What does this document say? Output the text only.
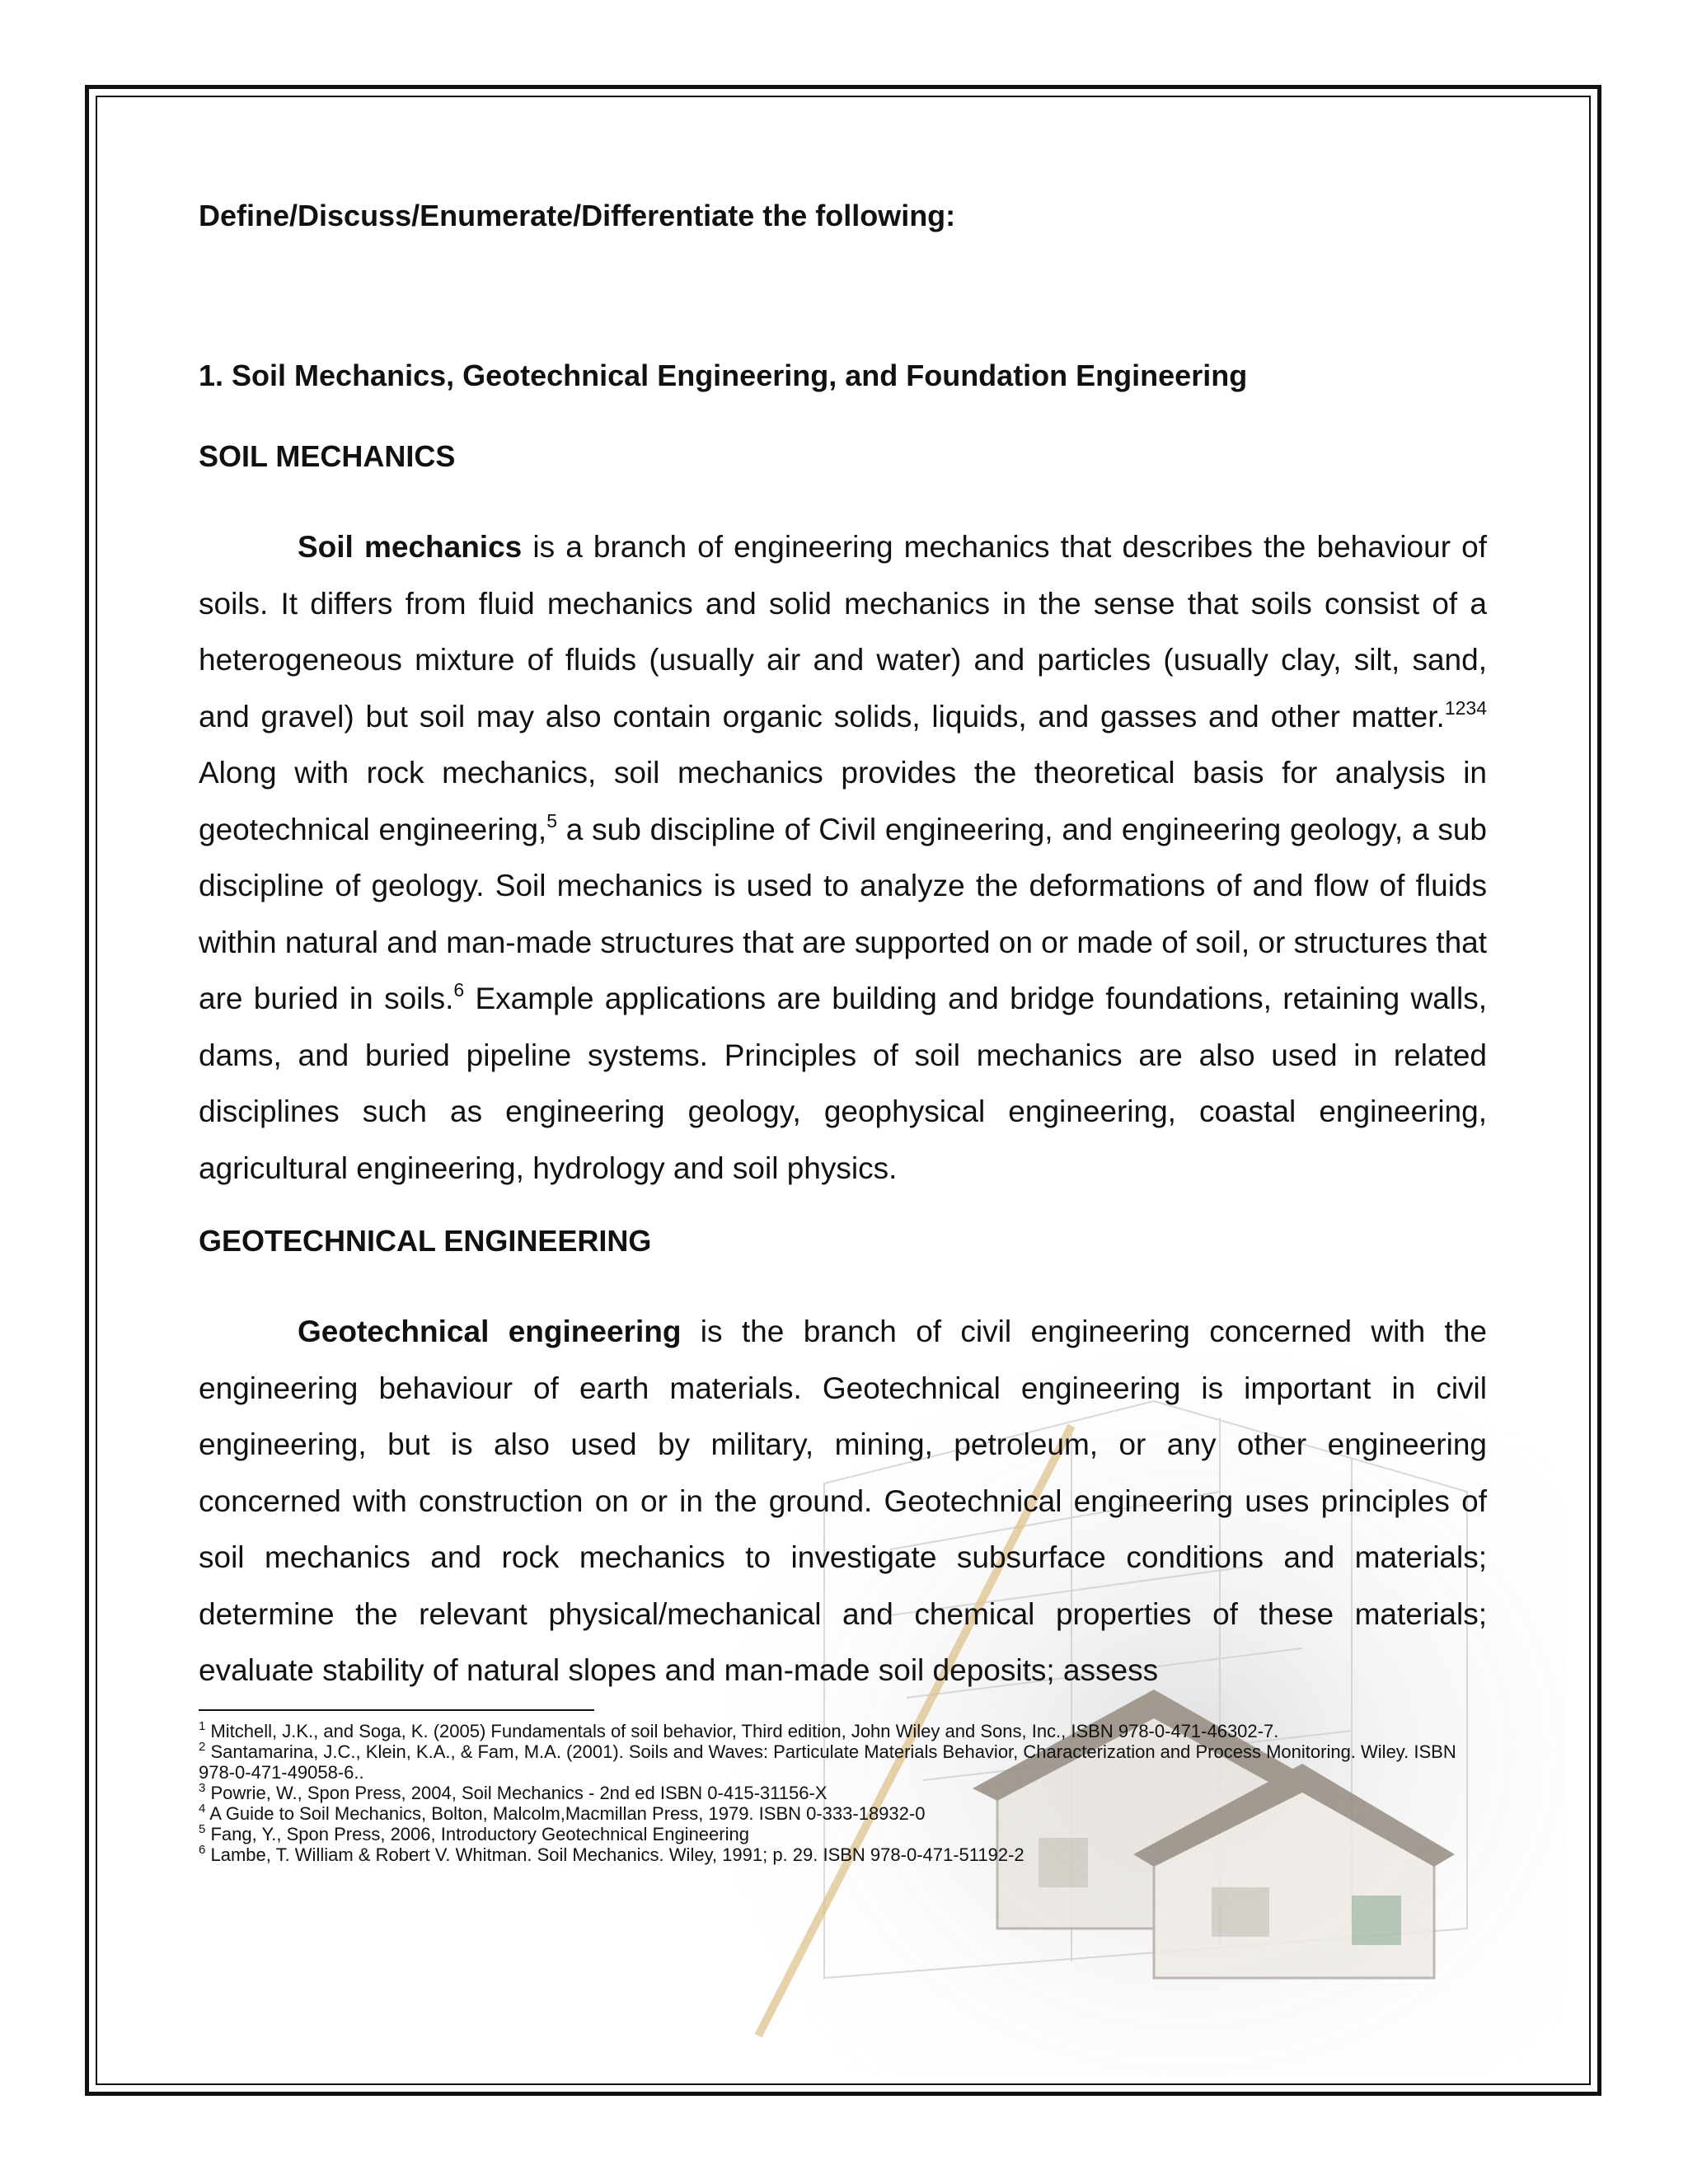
Define/Discuss/Enumerate/Differentiate the following:
1. Soil Mechanics, Geotechnical Engineering, and Foundation Engineering
SOIL MECHANICS

Soil mechanics is a branch of engineering mechanics that describes the behaviour of soils. It differs from fluid mechanics and solid mechanics in the sense that soils consist of a heterogeneous mixture of fluids (usually air and water) and particles (usually clay, silt, sand, and gravel) but soil may also contain organic solids, liquids, and gasses and other matter.$^{1234}$ Along with rock mechanics, soil mechanics provides the theoretical basis for analysis in geotechnical engineering,$^5$ a sub discipline of Civil engineering, and engineering geology, a sub discipline of geology. Soil mechanics is used to analyze the deformations of and flow of fluids within natural and man-made structures that are supported on or made of soil, or structures that are buried in soils.$^6$ Example applications are building and bridge foundations, retaining walls, dams, and buried pipeline systems. Principles of soil mechanics are also used in related disciplines such as engineering geology, geophysical engineering, coastal engineering, agricultural engineering, hydrology and soil physics.

GEOTECHNICAL ENGINEERING

Geotechnical engineering is the branch of civil engineering concerned with the engineering behaviour of earth materials. Geotechnical engineering is important in civil engineering, but is also used by military, mining, petroleum, or any other engineering concerned with construction on or in the ground. Geotechnical engineering uses principles of soil mechanics and rock mechanics to investigate subsurface conditions and materials; determine the relevant physical/mechanical and chemical properties of these materials; evaluate stability of natural slopes and man-made soil deposits; assess

$^1$ Mitchell, J.K., and Soga, K. (2005) Fundamentals of soil behavior, Third edition, John Wiley and Sons, Inc., ISBN 978-0-471-46302-7.

$^2$ Santamarina, J.C., Klein, K.A., & Fam, M.A. (2001). Soils and Waves: Particulate Materials Behavior, Characterization and Process Monitoring. Wiley. ISBN 978-0-471-49058-6..

$^3$ Powrie, W., Spon Press, 2004, Soil Mechanics - 2nd ed ISBN 0-415-31156-X

$^4$ A Guide to Soil Mechanics, Bolton, Malcolm,Macmillan Press, 1979. ISBN 0-333-18932-0

$^5$ Fang, Y., Spon Press, 2006, Introductory Geotechnical Engineering

$^6$ Lambe, T. William & Robert V. Whitman. Soil Mechanics. Wiley, 1991; p. 29. ISBN 978-0-471-51192-2
